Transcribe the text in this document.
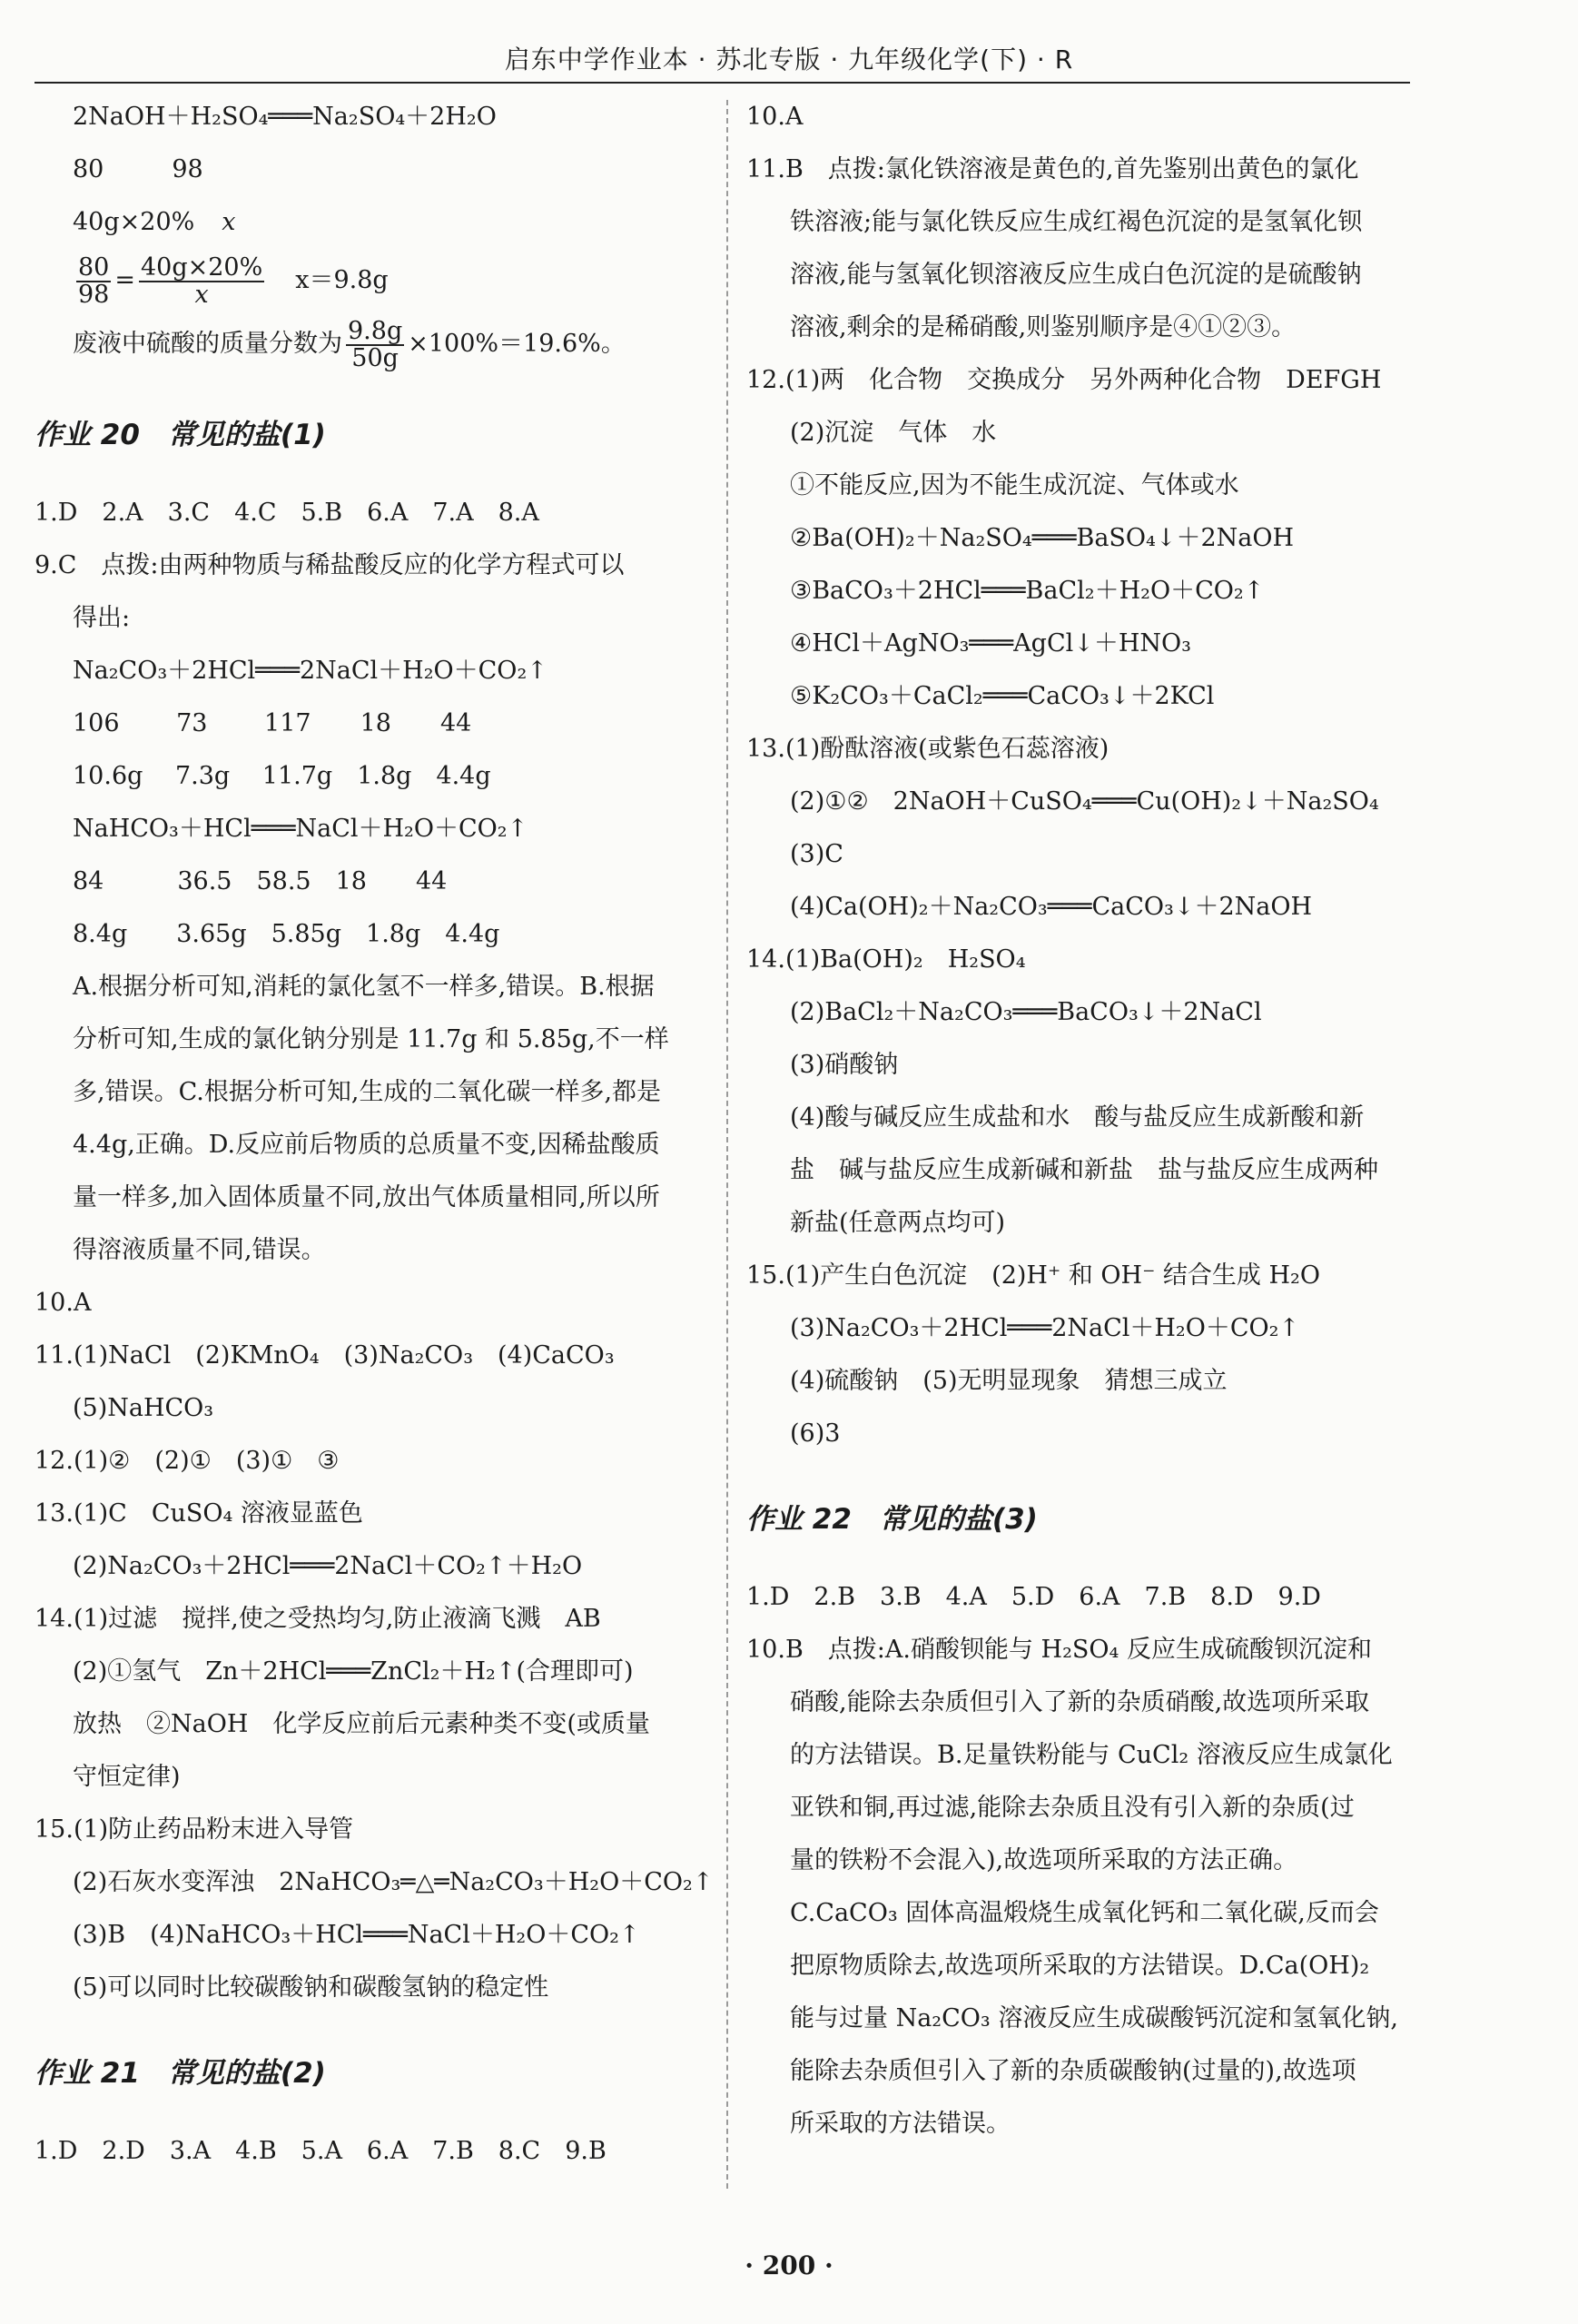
启东中学作业本 · 苏北专版 · 九年级化学(下) · R
2NaOH＋H₂SO₄═══Na₂SO₄＋2H₂O
80	98
40g×20% x
$\frac{80}{98} = \frac{40g\times 20\%}{x} x=9.8g$
废液中硫酸的质量分数为 $\frac{9.8g}{50g} \times 100\%=19.6\%$。
作业 20　常见的盐(1)
1.D　2.A　3.C　4.C　5.B　6.A　7.A　8.A
9.C　点拨:由两种物质与稀盐酸反应的化学方程式可以
得出:
Na₂CO₃＋2HCl═══2NaCl＋H₂O＋CO₂↑
106　　 73　　 117　　18　　44
10.6g　 7.3g　 11.7g　1.8g　4.4g
NaHCO₃＋HCl═══NaCl＋H₂O＋CO₂↑
84　　　36.5　58.5　18　　44
8.4g　　3.65g　5.85g　1.8g　4.4g
A.根据分析可知,消耗的氯化氢不一样多,错误。B.根据
分析可知,生成的氯化钠分别是 11.7g 和 5.85g,不一样
多,错误。C.根据分析可知,生成的二氧化碳一样多,都是
4.4g,正确。D.反应前后物质的总质量不变,因稀盐酸质
量一样多,加入固体质量不同,放出气体质量相同,所以所
得溶液质量不同,错误。
10.A
11.(1)NaCl　(2)KMnO₄　(3)Na₂CO₃　(4)CaCO₃
(5)NaHCO₃
12.(1)②　(2)①　(3)①　③
13.(1)C　CuSO₄ 溶液显蓝色
(2)Na₂CO₃＋2HCl═══2NaCl＋CO₂↑＋H₂O
14.(1)过滤　搅拌,使之受热均匀,防止液滴飞溅　AB
(2)①氢气　Zn＋2HCl═══ZnCl₂＋H₂↑(合理即可)
放热　②NaOH　化学反应前后元素种类不变(或质量
守恒定律)
15.(1)防止药品粉末进入导管
(2)石灰水变浑浊　2NaHCO₃═△═Na₂CO₃＋H₂O＋CO₂↑
(3)B　(4)NaHCO₃＋HCl═══NaCl＋H₂O＋CO₂↑
(5)可以同时比较碳酸钠和碳酸氢钠的稳定性
作业 21　常见的盐(2)
1.D　2.D　3.A　4.B　5.A　6.A　7.B　8.C　9.B
10.A
11.B　点拨:氯化铁溶液是黄色的,首先鉴别出黄色的氯化
铁溶液;能与氯化铁反应生成红褐色沉淀的是氢氧化钡
溶液,能与氢氧化钡溶液反应生成白色沉淀的是硫酸钠
溶液,剩余的是稀硝酸,则鉴别顺序是④①②③。
12.(1)两　化合物　交换成分　另外两种化合物　DEFGH
(2)沉淀　气体　水
①不能反应,因为不能生成沉淀、气体或水
②Ba(OH)₂＋Na₂SO₄═══BaSO₄↓＋2NaOH
③BaCO₃＋2HCl═══BaCl₂＋H₂O＋CO₂↑
④HCl＋AgNO₃═══AgCl↓＋HNO₃
⑤K₂CO₃＋CaCl₂═══CaCO₃↓＋2KCl
13.(1)酚酞溶液(或紫色石蕊溶液)
(2)①②　2NaOH＋CuSO₄═══Cu(OH)₂↓＋Na₂SO₄
(3)C
(4)Ca(OH)₂＋Na₂CO₃═══CaCO₃↓＋2NaOH
14.(1)Ba(OH)₂　H₂SO₄
(2)BaCl₂＋Na₂CO₃═══BaCO₃↓＋2NaCl
(3)硝酸钠
(4)酸与碱反应生成盐和水　酸与盐反应生成新酸和新
盐　碱与盐反应生成新碱和新盐　盐与盐反应生成两种
新盐(任意两点均可)
15.(1)产生白色沉淀　(2)H⁺ 和 OH⁻ 结合生成 H₂O
(3)Na₂CO₃＋2HCl═══2NaCl＋H₂O＋CO₂↑
(4)硫酸钠　(5)无明显现象　猜想三成立
(6)3
作业 22　常见的盐(3)
1.D　2.B　3.B　4.A　5.D　6.A　7.B　8.D　9.D
10.B　点拨:A.硝酸钡能与 H₂SO₄ 反应生成硫酸钡沉淀和
硝酸,能除去杂质但引入了新的杂质硝酸,故选项所采取
的方法错误。B.足量铁粉能与 CuCl₂ 溶液反应生成氯化
亚铁和铜,再过滤,能除去杂质且没有引入新的杂质(过
量的铁粉不会混入),故选项所采取的方法正确。
C.CaCO₃ 固体高温煅烧生成氧化钙和二氧化碳,反而会
把原物质除去,故选项所采取的方法错误。D.Ca(OH)₂
能与过量 Na₂CO₃ 溶液反应生成碳酸钙沉淀和氢氧化钠,
能除去杂质但引入了新的杂质碳酸钠(过量的),故选项
所采取的方法错误。
· 200 ·
